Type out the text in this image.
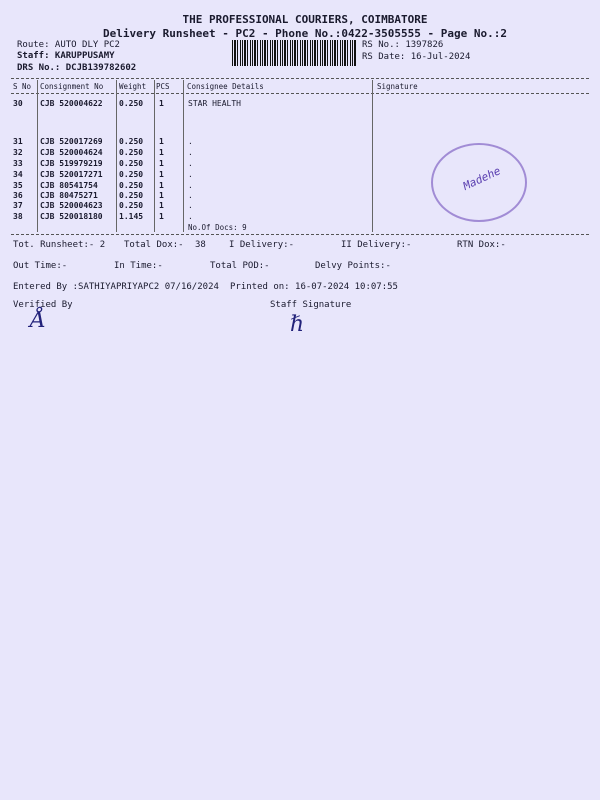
THE PROFESSIONAL COURIERS, COIMBATORE
Delivery Runsheet - PC2 - Phone No.:0422-3505555 - Page No.:2
Route: AUTO DLY PC2
Staff: KARUPPUSAMY
DRS No.: DCJB139782602
RS No.: 1397826
RS Date: 16-Jul-2024
S No Consignment No Weight PCS Consignee Details	Signature
30 CJB 520004622 0.250 1	STAR HEALTH
31 CJB 520017269 0.250 1	.
32 CJB 520004624 0.250 1	.
33 CJB 519979219 0.250 1	.
34 CJB 520017271 0.250 1	.
35 CJB 80541754	0.250 1	.
36 CJB 80475271	0.250 1	.
37 CJB 520004623 0.250 1	.
38 CJB 520018180 1.145 1	.
No.Of Docs: 9
Madehe
Tot. Runsheet:- 2 Total Dox:- 38	I Delivery:-	II Delivery:-	RTN Dox:-
Out Time:-	In Time:-	Total POD:-	Delvy Points:-
Entered By :SATHIYAPRIYAPC2 07/16/2024 Printed on: 16-07-2024 10:07:55
Verified By	Staff Signature
Å	ℏ
